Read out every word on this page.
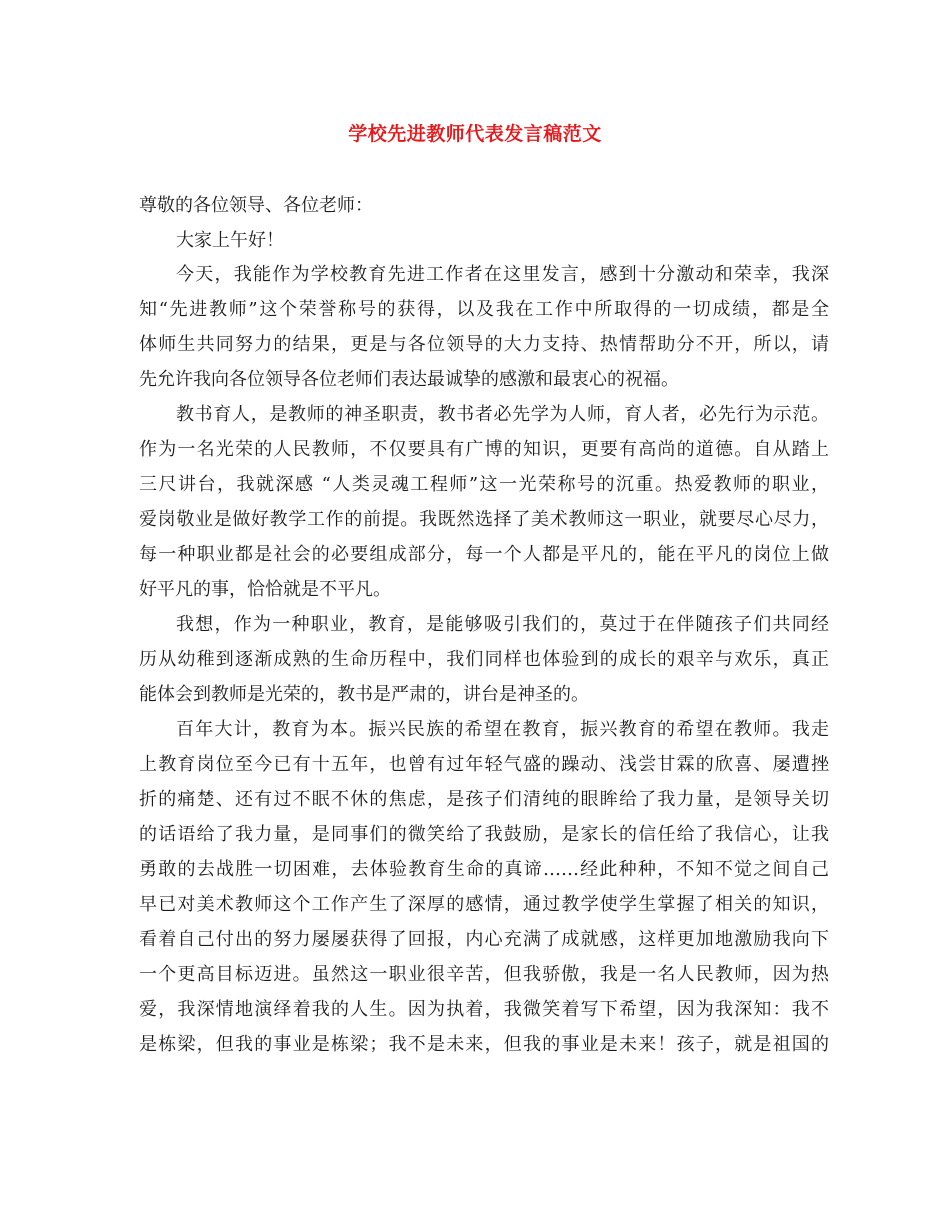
学校先进教师代表发言稿范文
尊敬的各位领导、各位老师：
大家上午好！
今天，我能作为学校教育先进工作者在这里发言，感到十分激动和荣幸，我深
知“先进教师”这个荣誉称号的获得，以及我在工作中所取得的一切成绩，都是全
体师生共同努力的结果，更是与各位领导的大力支持、热情帮助分不开，所以，请
先允许我向各位领导各位老师们表达最诚挚的感激和最衷心的祝福。
教书育人，是教师的神圣职责，教书者必先学为人师，育人者，必先行为示范。
作为一名光荣的人民教师，不仅要具有广博的知识，更要有高尚的道德。自从踏上
三尺讲台，我就深感 “人类灵魂工程师”这一光荣称号的沉重。热爱教师的职业，
爱岗敬业是做好教学工作的前提。我既然选择了美术教师这一职业，就要尽心尽力，
每一种职业都是社会的必要组成部分，每一个人都是平凡的，能在平凡的岗位上做
好平凡的事，恰恰就是不平凡。
我想，作为一种职业，教育，是能够吸引我们的，莫过于在伴随孩子们共同经
历从幼稚到逐渐成熟的生命历程中，我们同样也体验到的成长的艰辛与欢乐，真正
能体会到教师是光荣的，教书是严肃的，讲台是神圣的。
百年大计，教育为本。振兴民族的希望在教育，振兴教育的希望在教师。我走
上教育岗位至今已有十五年，也曾有过年轻气盛的躁动、浅尝甘霖的欣喜、屡遭挫
折的痛楚、还有过不眠不休的焦虑，是孩子们清纯的眼眸给了我力量，是领导关切
的话语给了我力量，是同事们的微笑给了我鼓励，是家长的信任给了我信心，让我
勇敢的去战胜一切困难，去体验教育生命的真谛……经此种种，不知不觉之间自己
早已对美术教师这个工作产生了深厚的感情，通过教学使学生掌握了相关的知识，
看着自己付出的努力屡屡获得了回报，内心充满了成就感，这样更加地激励我向下
一个更高目标迈进。虽然这一职业很辛苦，但我骄傲，我是一名人民教师，因为热
爱，我深情地演绎着我的人生。因为执着，我微笑着写下希望，因为我深知：我不
是栋梁，但我的事业是栋梁；我不是未来，但我的事业是未来！孩子，就是祖国的
